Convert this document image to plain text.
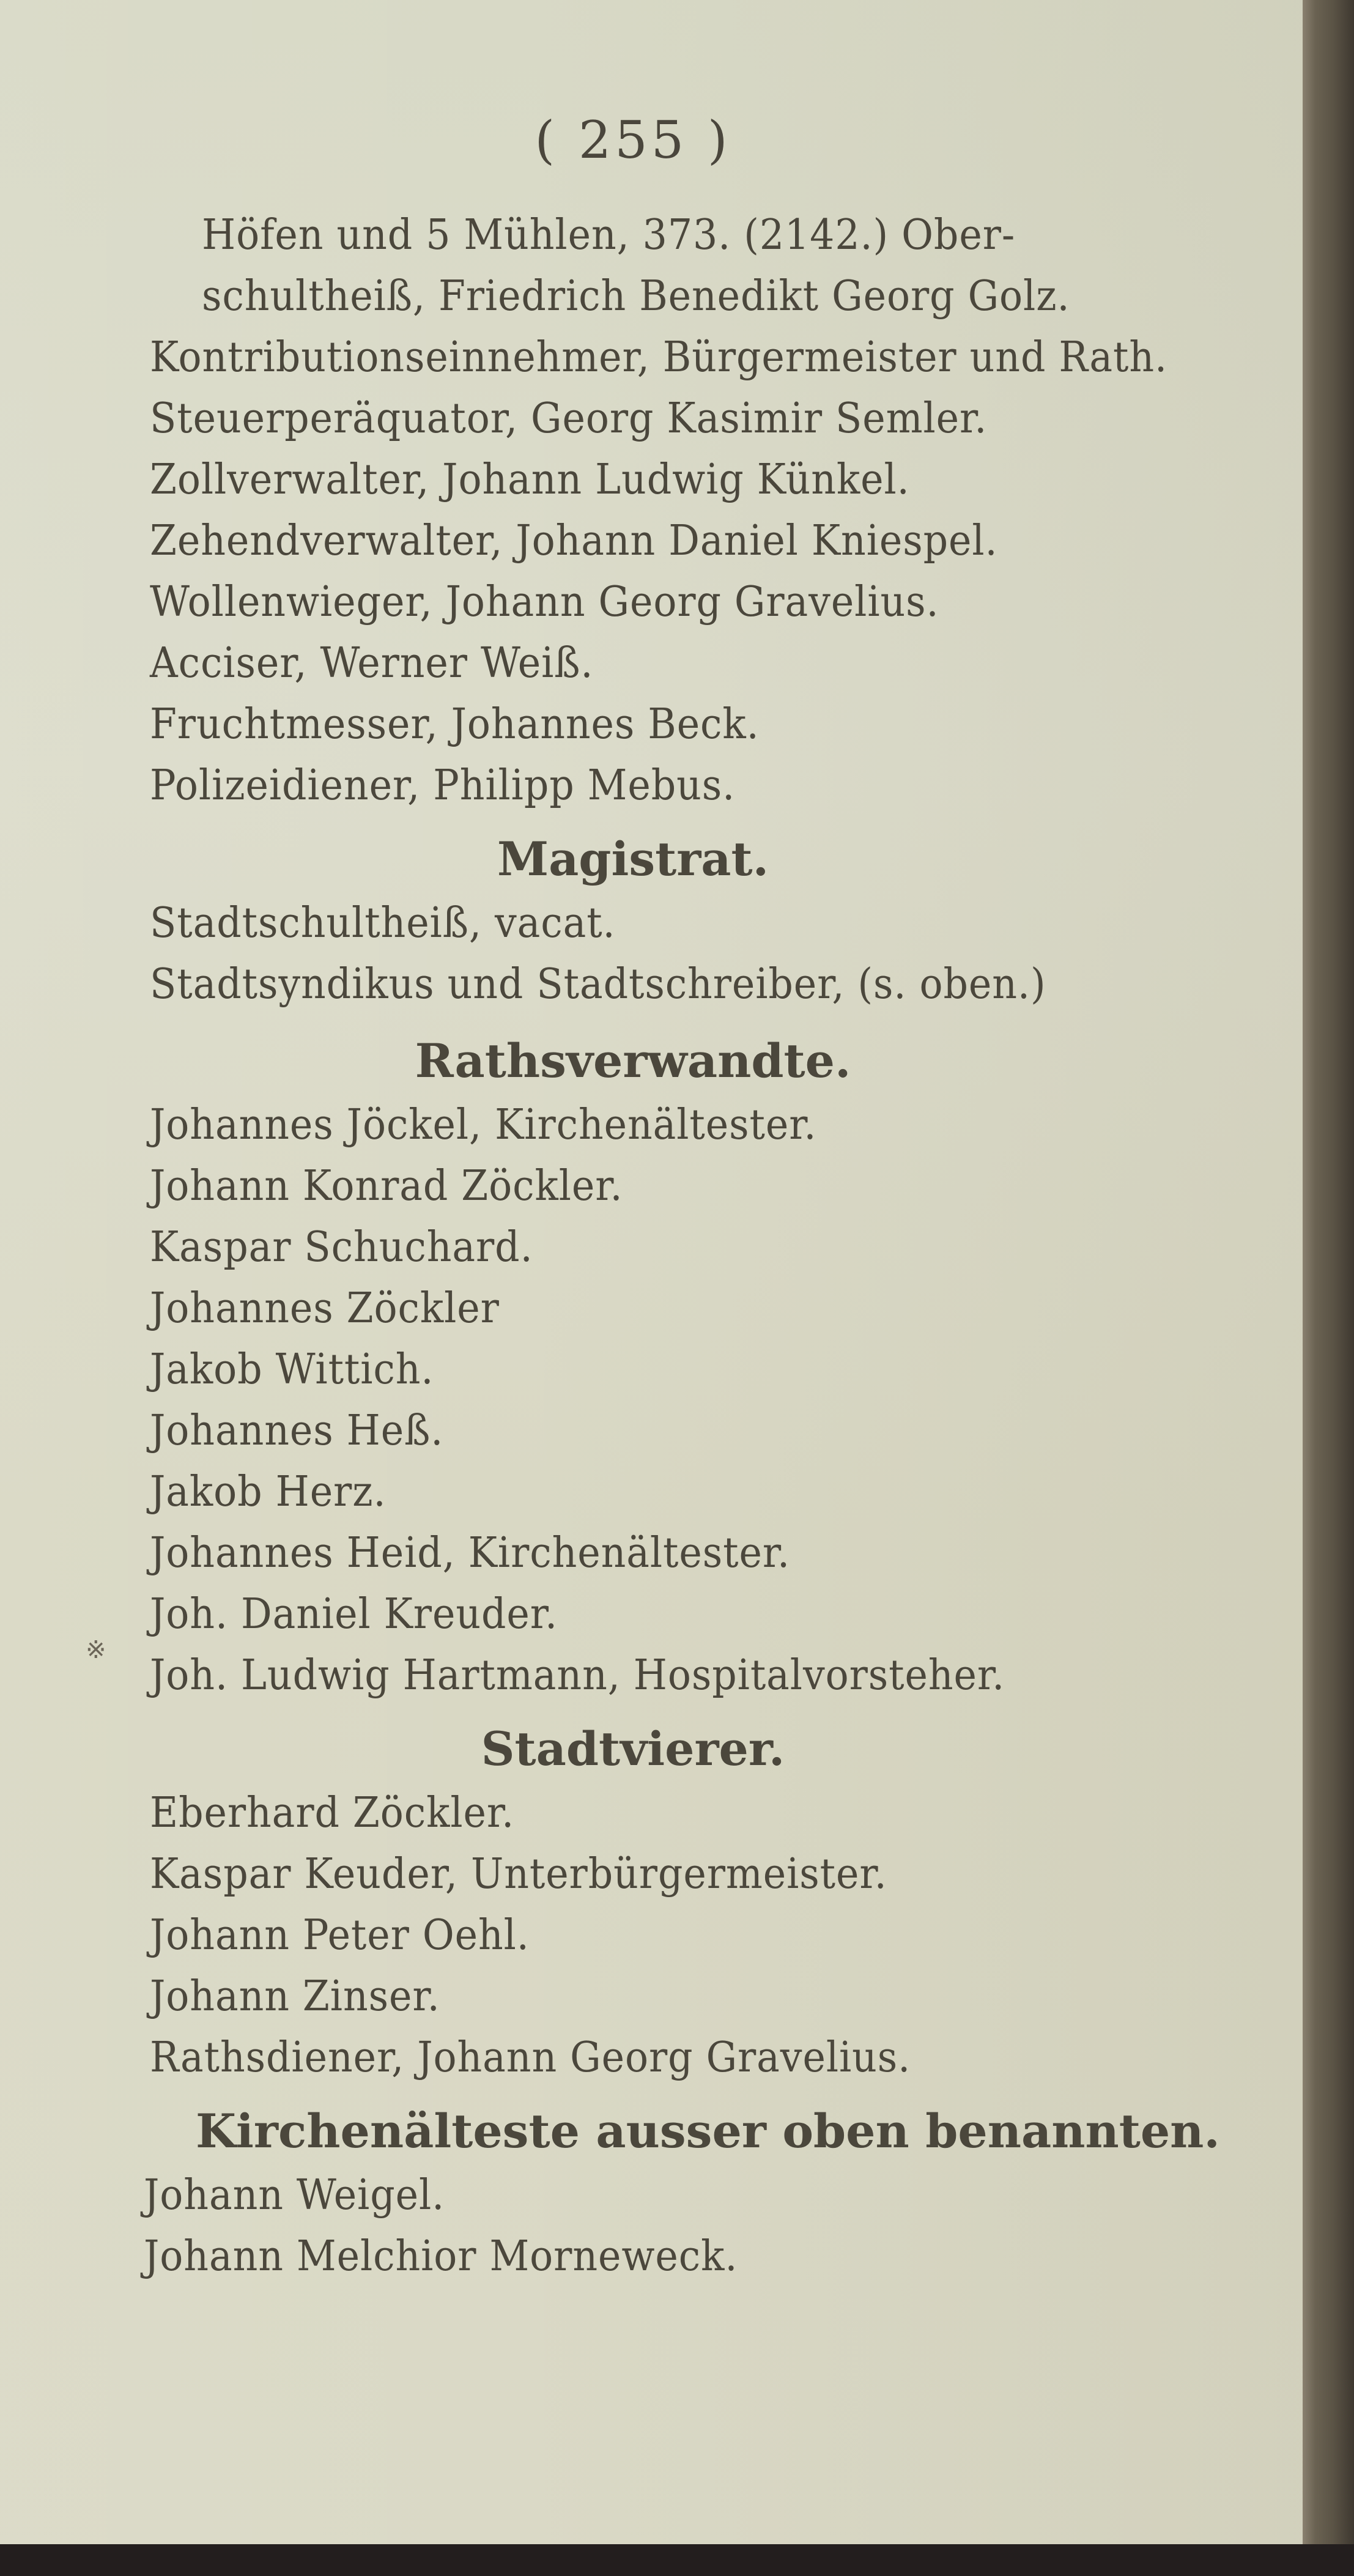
( 255 )
Höfen und 5 Mühlen, 373. (2142.) Ober-
schultheiß, Friedrich Benedikt Georg Golz.
Kontributionseinnehmer, Bürgermeister und Rath.
Steuerperäquator, Georg Kasimir Semler.
Zollverwalter, Johann Ludwig Künkel.
Zehendverwalter, Johann Daniel Kniespel.
Wollenwieger, Johann Georg Gravelius.
Acciser, Werner Weiß.
Fruchtmesser, Johannes Beck.
Polizeidiener, Philipp Mebus.
Magistrat.
Stadtschultheiß, vacat.
Stadtsyndikus und Stadtschreiber, (s. oben.)
Rathsverwandte.
Johannes Jöckel, Kirchenältester.
Johann Konrad Zöckler.
Kaspar Schuchard.
Johannes Zöckler
Jakob Wittich.
Johannes Heß.
Jakob Herz.
Johannes Heid, Kirchenältester.
Joh. Daniel Kreuder.
※
Joh. Ludwig Hartmann, Hospitalvorsteher.
Stadtvierer.
Eberhard Zöckler.
Kaspar Keuder, Unterbürgermeister.
Johann Peter Oehl.
Johann Zinser.
Rathsdiener, Johann Georg Gravelius.
Kirchenälteste ausser oben benannten.
Johann Weigel.
Johann Melchior Morneweck.
